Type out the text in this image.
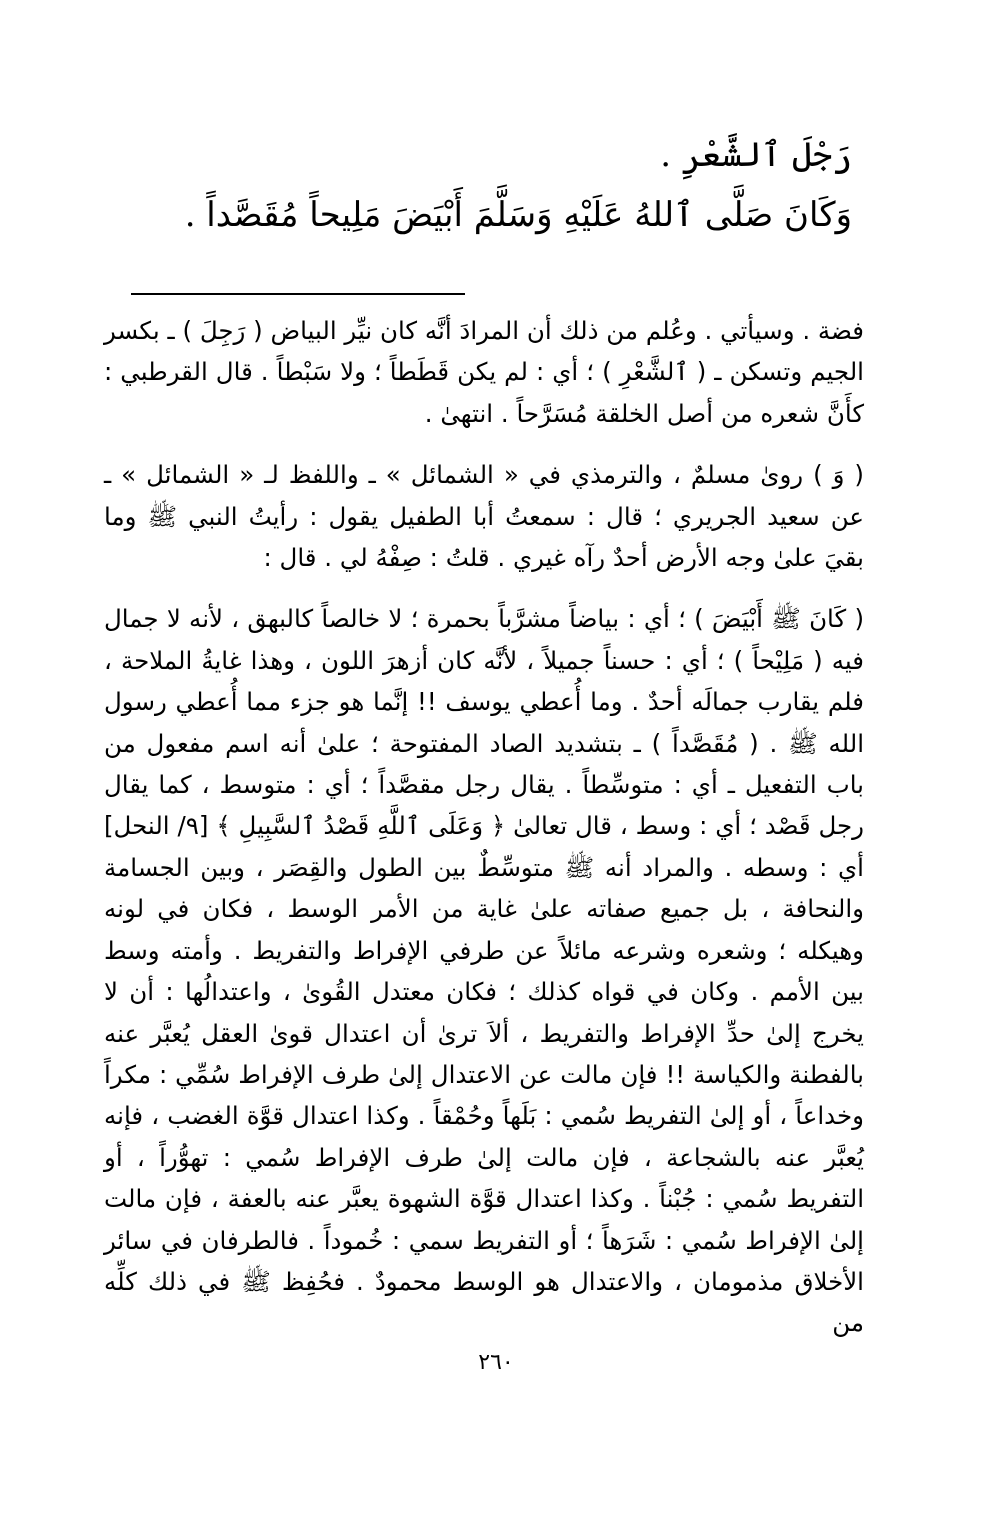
رَجْلَ ٱلشَّعْرِ .
وَكَانَ صَلَّى ٱللهُ عَلَيْهِ وَسَلَّمَ أَبْيَضَ مَلِيحاً مُقَصَّداً .

فضة . وسيأتي . وعُلم من ذلك أن المرادَ أنَّه كان نيِّر البياض ( رَجِلَ ) ـ بكسر الجيم وتسكن ـ ( ٱلشَّعْرِ ) ؛ أي : لم يكن قَطَطاً ؛ ولا سَبْطاً . قال القرطبي : كأَنَّ شعره من أصل الخلقة مُسَرَّحاً . انتهىٰ .

( وَ ) روىٰ مسلمٌ ، والترمذي في « الشمائل » ـ واللفظ لـ « الشمائل » ـ عن سعيد الجريري ؛ قال : سمعتُ أبا الطفيل يقول : رأيتُ النبي ﷺ وما بقيَ علىٰ وجه الأرض أحدٌ رآه غيري . قلتُ : صِفْهُ لي . قال :

( كَانَ ﷺ أَبْيَضَ ) ؛ أي : بياضاً مشرَّباً بحمرة ؛ لا خالصاً كالبهق ، لأنه لا جمال فيه ( مَلِيْحاً ) ؛ أي : حسناً جميلاً ، لأنَّه كان أزهرَ اللون ، وهذا غايةُ الملاحة ، فلم يقارب جمالَه أحدٌ . وما أُعطي يوسف !! إنَّما هو جزء مما أُعطي رسول الله ﷺ . ( مُقَصَّداً ) ـ بتشديد الصاد المفتوحة ؛ علىٰ أنه اسم مفعول من باب التفعيل ـ أي : متوسِّطاً . يقال رجل مقصَّداً ؛ أي : متوسط ، كما يقال رجل قَصْد ؛ أي : وسط ، قال تعالىٰ ﴿ وَعَلَى ٱللَّهِ قَصْدُ ٱلسَّبِيلِ ﴾ [٩/ النحل] أي : وسطه . والمراد أنه ﷺ متوسِّطٌ بين الطول والقِصَر ، وبين الجسامة والنحافة ، بل جميع صفاته علىٰ غاية من الأمر الوسط ، فكان في لونه وهيكله ؛ وشعره وشرعه مائلاً عن طرفي الإفراط والتفريط . وأمته وسط بين الأمم . وكان في قواه كذلك ؛ فكان معتدل القُوىٰ ، واعتدالُها : أن لا يخرج إلىٰ حدِّ الإفراط والتفريط ، ألاَ ترىٰ أن اعتدال قوىٰ العقل يُعبَّر عنه بالفطنة والكياسة !! فإن مالت عن الاعتدال إلىٰ طرف الإفراط سُمِّي : مكراً وخداعاً ، أو إلىٰ التفريط سُمي : بَلَهاً وحُمْقاً . وكذا اعتدال قوَّة الغضب ، فإنه يُعبَّر عنه بالشجاعة ، فإن مالت إلىٰ طرف الإفراط سُمي : تهوُّراً ، أو التفريط سُمي : جُبْناً . وكذا اعتدال قوَّة الشهوة يعبَّر عنه بالعفة ، فإن مالت إلىٰ الإفراط سُمي : شَرَهاً ؛ أو التفريط سمي : خُموداً . فالطرفان في سائر الأخلاق مذمومان ، والاعتدال هو الوسط محمودٌ . فحُفِظ ﷺ في ذلك كلِّه من

٢٦٠
